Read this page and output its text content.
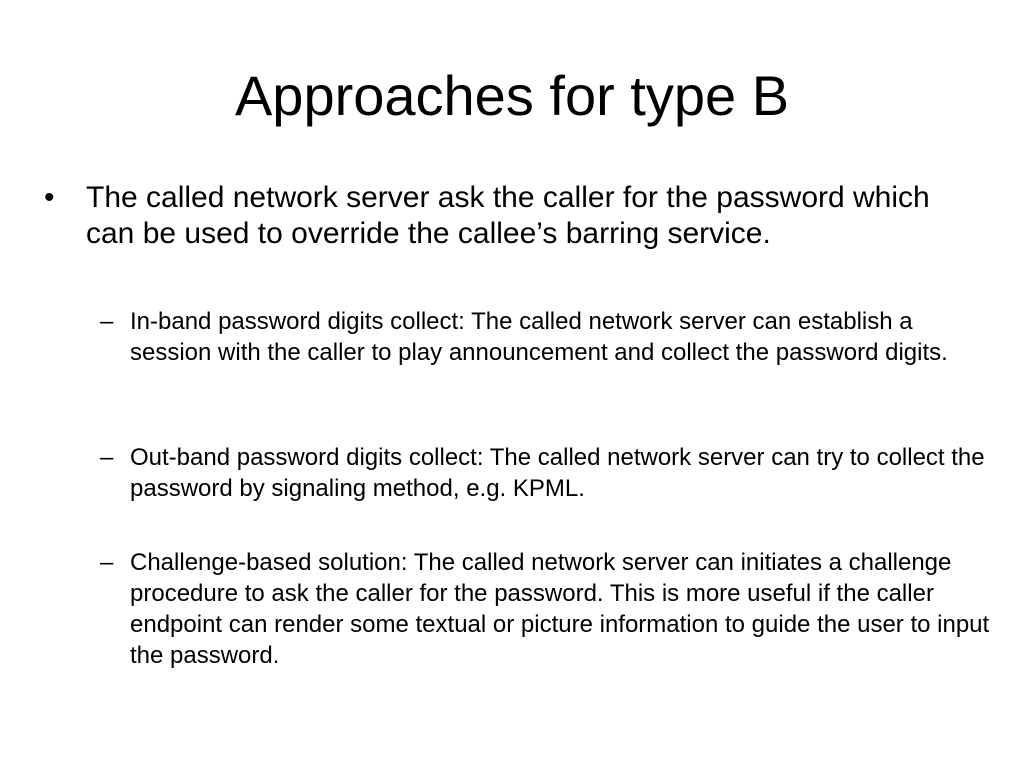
Approaches for type B
•	The called network server ask the caller for the password which can be used to override the callee’s barring service.
– In-band password digits collect: The called network server can establish a session with the caller to play announcement and collect the password digits.
– Out-band password digits collect: The called network server can try to collect the password by signaling method, e.g. KPML.
– Challenge-based solution: The called network server can initiates a challenge procedure to ask the caller for the password. This is more useful if the caller endpoint can render some textual or picture information to guide the user to input the password.
